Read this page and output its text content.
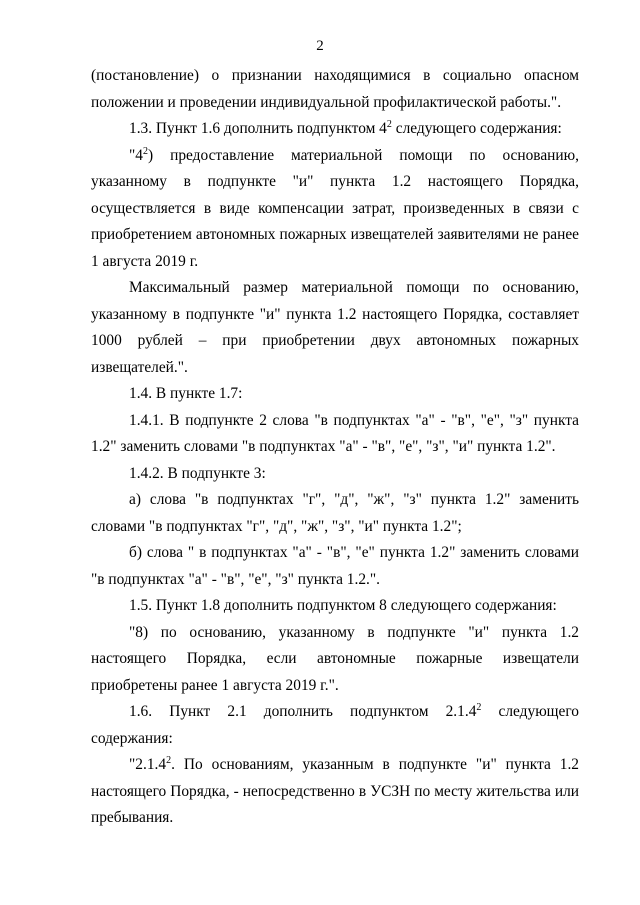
2

(постановление) о признании находящимися в социально опасном положении и проведении индивидуальной профилактической работы.".

1.3. Пункт 1.6 дополнить подпунктом $4^2$ следующего содержания:

"$4^2$) предоставление материальной помощи по основанию, указанному в подпункте "и" пункта 1.2 настоящего Порядка, осуществляется в виде компенсации затрат, произведенных в связи с приобретением автономных пожарных извещателей заявителями не ранее 1 августа 2019 г.

Максимальный размер материальной помощи по основанию, указанному в подпункте "и" пункта 1.2 настоящего Порядка, составляет 1000 рублей – при приобретении двух автономных пожарных извещателей.".

1.4. В пункте 1.7:

1.4.1. В подпункте 2 слова "в подпунктах "а" - "в", "е", "з" пункта 1.2" заменить словами "в подпунктах "а" - "в", "е", "з", "и" пункта 1.2".

1.4.2. В подпункте 3:

а) слова "в подпунктах "г", "д", "ж", "з" пункта 1.2" заменить словами "в подпунктах "г", "д", "ж", "з", "и" пункта 1.2";

б) слова " в подпунктах "а" - "в", "е" пункта 1.2" заменить словами "в подпунктах "а" - "в", "е", "з" пункта 1.2.".

1.5. Пункт 1.8 дополнить подпунктом 8 следующего содержания:

"8) по основанию, указанному в подпункте "и" пункта 1.2 настоящего Порядка, если автономные пожарные извещатели приобретены ранее 1 августа 2019 г.".

1.6. Пункт 2.1 дополнить подпунктом 2.1.4$^2$ следующего содержания:

"2.1.4$^2$. По основаниям, указанным в подпункте "и" пункта 1.2 настоящего Порядка, - непосредственно в УСЗН по месту жительства или пребывания.
